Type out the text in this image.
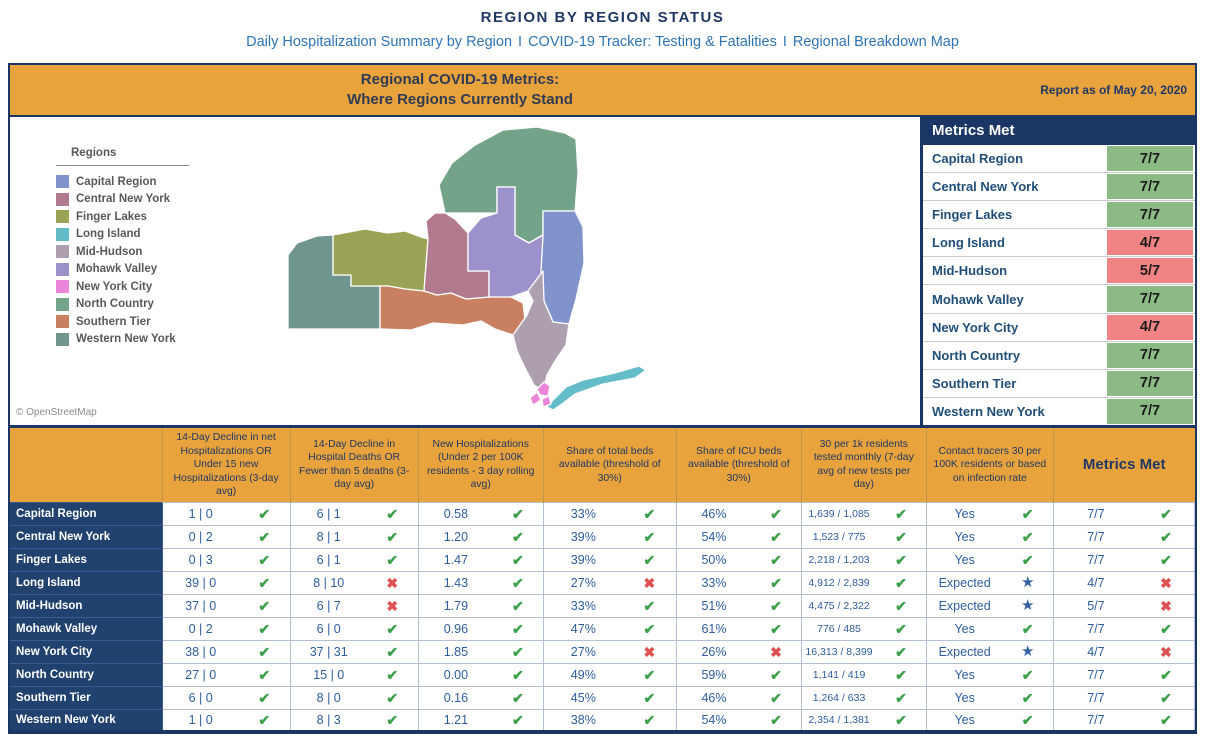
REGION BY REGION STATUS
Daily Hospitalization Summary by Region I COVID-19 Tracker: Testing & Fatalities I Regional Breakdown Map
Regional COVID-19 Metrics:
Where Regions Currently Stand
Report as of May 20, 2020
Regions
Capital Region
Central New York
Finger Lakes
Long Island
Mid-Hudson
Mohawk Valley
New York City
North Country
Southern Tier
Western New York
© OpenStreetMap
Metrics Met
Capital Region	7/7
Central New York	7/7
Finger Lakes	7/7
Long Island	4/7
Mid-Hudson	5/7
Mohawk Valley	7/7
New York City	4/7
North Country	7/7
Southern Tier	7/7
Western New York	7/7
	14-Day Decline in net Hospitalizations OR Under 15 new Hospitalizations (3-day avg)	14-Day Decline in Hospital Deaths OR Fewer than 5 deaths (3-day avg)	New Hospitalizations (Under 2 per 100K residents - 3 day rolling avg)	Share of total beds available (threshold of 30%)	Share of ICU beds available (threshold of 30%)	30 per 1k residents tested monthly (7-day avg of new tests per day)	Contact tracers 30 per 100K residents or based on infection rate	Metrics Met
Capital Region	1 | 0 ✔	6 | 1 ✔	0.58 ✔	33% ✔	46% ✔	1,639 / 1,085 ✔	Yes ✔	7/7 ✔

Central New York	0 | 2 ✔	8 | 1 ✔	1.20 ✔	39% ✔	54% ✔	1,523 / 775 ✔	Yes ✔	7/7 ✔

Finger Lakes	0 | 3 ✔	6 | 1 ✔	1.47 ✔	39% ✔	50% ✔	2,218 / 1,203 ✔	Yes ✔	7/7 ✔

Long Island	39 | 0 ✔	8 | 10 ✖	1.43 ✔	27% ✖	33% ✔	4,912 / 2,839 ✔	Expected ★	4/7 ✖

Mid-Hudson	37 | 0 ✔	6 | 7 ✖	1.79 ✔	33% ✔	51% ✔	4,475 / 2,322 ✔	Expected ★	5/7 ✖

Mohawk Valley	0 | 2 ✔	6 | 0 ✔	0.96 ✔	47% ✔	61% ✔	776 / 485 ✔	Yes ✔	7/7 ✔

New York City	38 | 0 ✔	37 | 31 ✔	1.85 ✔	27% ✖	26% ✖	16,313 / 8,399 ✔	Expected ★	4/7 ✖

North Country	27 | 0 ✔	15 | 0 ✔	0.00 ✔	49% ✔	59% ✔	1,141 / 419 ✔	Yes ✔	7/7 ✔

Southern Tier	6 | 0 ✔	8 | 0 ✔	0.16 ✔	45% ✔	46% ✔	1,264 / 633 ✔	Yes ✔	7/7 ✔

Western New York	1 | 0 ✔	8 | 3 ✔	1.21 ✔	38% ✔	54% ✔	2,354 / 1,381 ✔	Yes ✔	7/7 ✔
